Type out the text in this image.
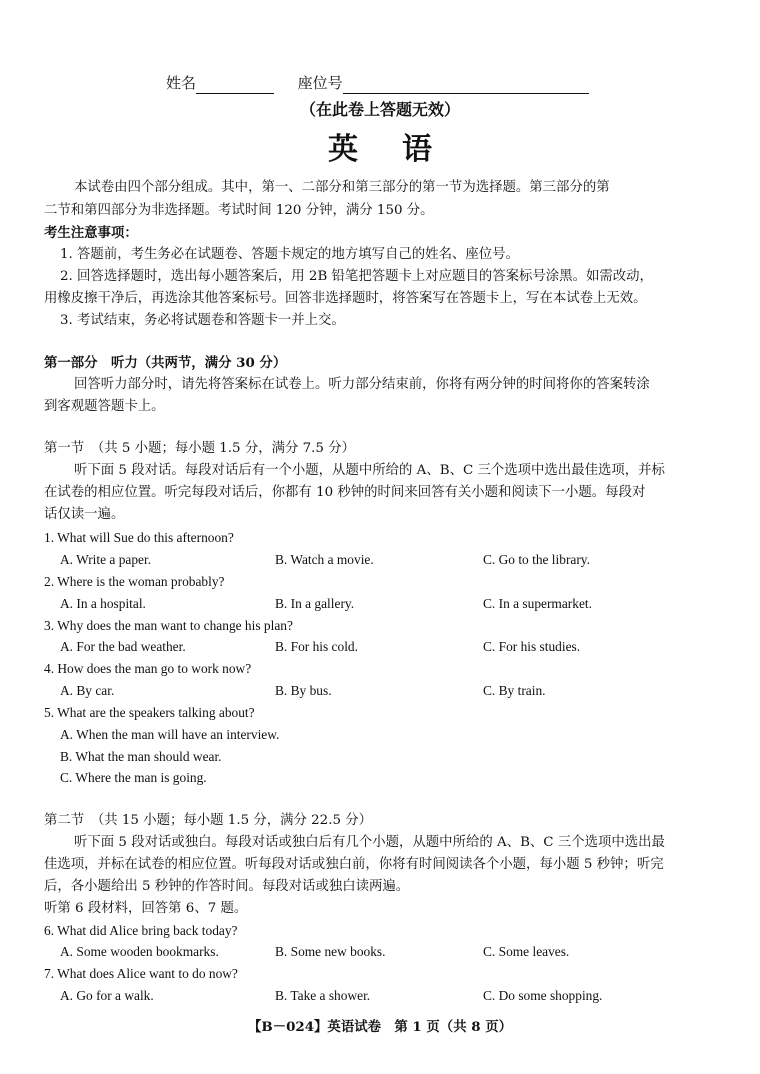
姓名	座位号
（在此卷上答题无效）
英语
本试卷由四个部分组成。其中，第一、二部分和第三部分的第一节为选择题。第三部分的第
二节和第四部分为非选择题。考试时间 120 分钟，满分 150 分。
考生注意事项：
1. 答题前，考生务必在试题卷、答题卡规定的地方填写自己的姓名、座位号。
2. 回答选择题时，选出每小题答案后，用 2B 铅笔把答题卡上对应题目的答案标号涂黑。如需改动，
用橡皮擦干净后，再选涂其他答案标号。回答非选择题时，将答案写在答题卡上，写在本试卷上无效。
3. 考试结束，务必将试题卷和答题卡一并上交。
第一部分　听力（共两节，满分 30 分）
回答听力部分时，请先将答案标在试卷上。听力部分结束前，你将有两分钟的时间将你的答案转涂
到客观题答题卡上。
第一节　（共 5 小题；每小题 1.5 分，满分 7.5 分）
听下面 5 段对话。每段对话后有一个小题，从题中所给的 A、B、C 三个选项中选出最佳选项，并标
在试卷的相应位置。听完每段对话后，你都有 10 秒钟的时间来回答有关小题和阅读下一小题。每段对
话仅读一遍。
1. What will Sue do this afternoon?
A. Write a paper.	B. Watch a movie.	C. Go to the library.
2. Where is the woman probably?
A. In a hospital.	B. In a gallery.	C. In a supermarket.
3. Why does the man want to change his plan?
A. For the bad weather.	B. For his cold.	C. For his studies.
4. How does the man go to work now?
A. By car.	B. By bus.	C. By train.
5. What are the speakers talking about?
A. When the man will have an interview.
B. What the man should wear.
C. Where the man is going.
第二节　（共 15 小题；每小题 1.5 分，满分 22.5 分）
听下面 5 段对话或独白。每段对话或独白后有几个小题，从题中所给的 A、B、C 三个选项中选出最
佳选项，并标在试卷的相应位置。听每段对话或独白前，你将有时间阅读各个小题，每小题 5 秒钟；听完
后，各小题给出 5 秒钟的作答时间。每段对话或独白读两遍。
听第 6 段材料，回答第 6、7 题。
6. What did Alice bring back today?
A. Some wooden bookmarks.	B. Some new books.	C. Some leaves.
7. What does Alice want to do now?
A. Go for a walk.	B. Take a shower.	C. Do some shopping.
【B－024】英语试卷　第 1 页（共 8 页）
